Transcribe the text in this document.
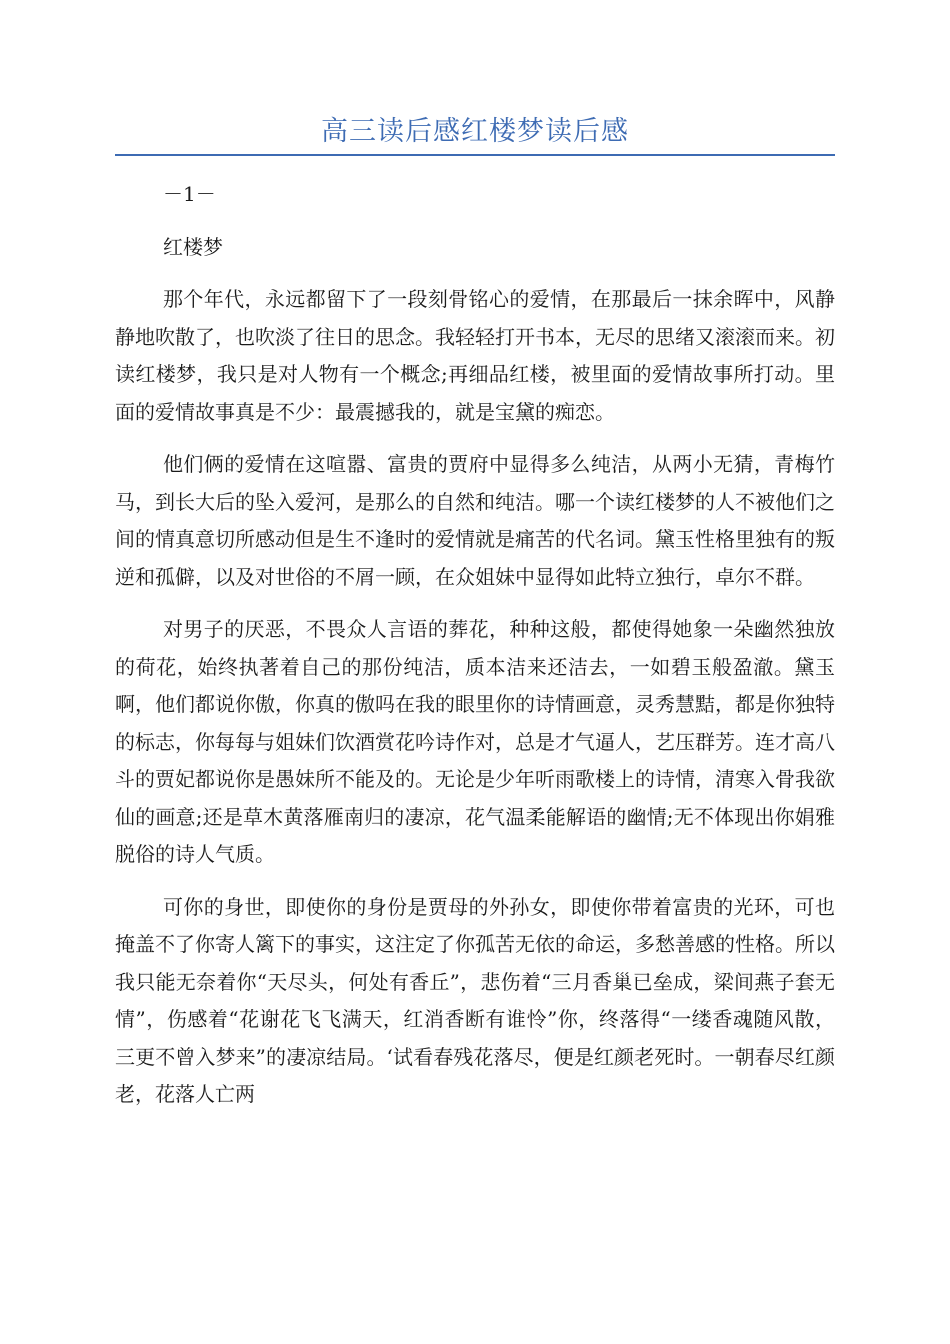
高三读后感红楼梦读后感

－1－

红楼梦

那个年代，永远都留下了一段刻骨铭心的爱情，在那最后一抹余晖中，风静静地吹散了，也吹淡了往日的思念。我轻轻打开书本，无尽的思绪又滚滚而来。初读红楼梦，我只是对人物有一个概念;再细品红楼，被里面的爱情故事所打动。里面的爱情故事真是不少：最震撼我的，就是宝黛的痴恋。

他们俩的爱情在这喧嚣、富贵的贾府中显得多么纯洁，从两小无猜，青梅竹马，到长大后的坠入爱河，是那么的自然和纯洁。哪一个读红楼梦的人不被他们之间的情真意切所感动但是生不逢时的爱情就是痛苦的代名词。黛玉性格里独有的叛逆和孤僻，以及对世俗的不屑一顾，在众姐妹中显得如此特立独行，卓尔不群。

对男子的厌恶，不畏众人言语的葬花，种种这般，都使得她象一朵幽然独放的荷花，始终执著着自己的那份纯洁，质本洁来还洁去，一如碧玉般盈澈。黛玉啊，他们都说你傲，你真的傲吗在我的眼里你的诗情画意，灵秀慧黠，都是你独特的标志，你每每与姐妹们饮酒赏花吟诗作对，总是才气逼人，艺压群芳。连才高八斗的贾妃都说你是愚妹所不能及的。无论是少年听雨歌楼上的诗情，清寒入骨我欲仙的画意;还是草木黄落雁南归的凄凉，花气温柔能解语的幽情;无不体现出你娟雅脱俗的诗人气质。

可你的身世，即使你的身份是贾母的外孙女，即使你带着富贵的光环，可也掩盖不了你寄人篱下的事实，这注定了你孤苦无依的命运，多愁善感的性格。所以我只能无奈着你“天尽头，何处有香丘”，悲伤着“三月香巢已垒成，梁间燕子套无情”，伤感着“花谢花飞飞满天，红消香断有谁怜”你，终落得“一缕香魂随风散，三更不曾入梦来”的凄凉结局。‘试看春残花落尽，便是红颜老死时。一朝春尽红颜老，花落人亡两
